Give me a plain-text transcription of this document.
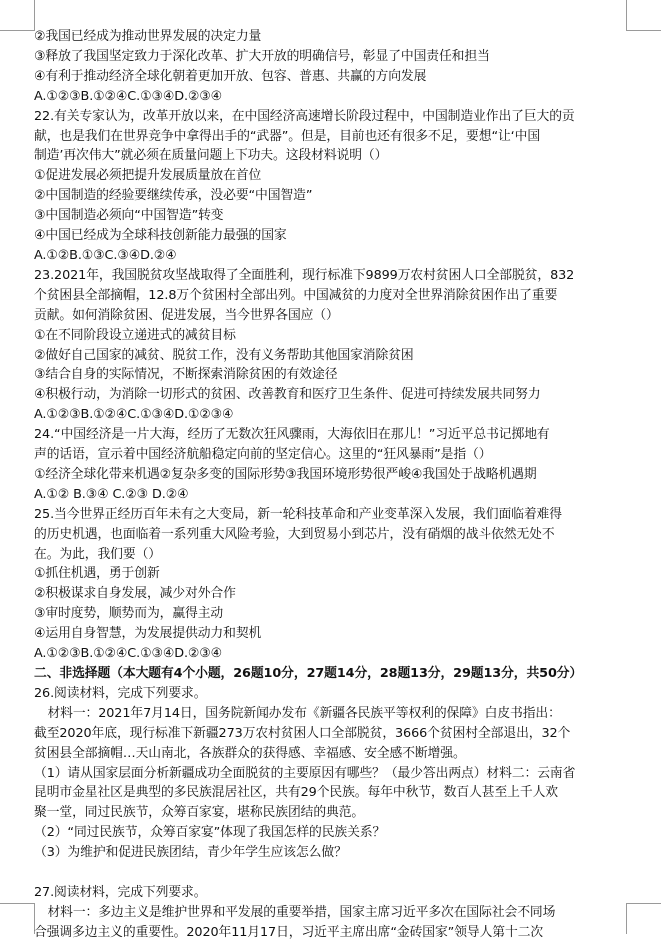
②我国已经成为推动世界发展的决定力量
③释放了我国坚定致力于深化改革、扩大开放的明确信号，彰显了中国责任和担当
④有利于推动经济全球化朝着更加开放、包容、普惠、共赢的方向发展
A.①②③B.①②④C.①③④D.②③④
22.有关专家认为，改革开放以来，在中国经济高速增长阶段过程中，中国制造业作出了巨大的贡
献，也是我们在世界竞争中拿得出手的“武器”。但是，目前也还有很多不足，要想“让‘中国
制造’再次伟大”就必须在质量问题上下功夫。这段材料说明（）
①促进发展必须把提升发展质量放在首位
②中国制造的经验要继续传承，没必要“中国智造”
③中国制造必须向“中国智造”转变
④中国已经成为全球科技创新能力最强的国家
A.①②B.①③C.③④D.②④
23.2021年，我国脱贫攻坚战取得了全面胜利，现行标准下9899万农村贫困人口全部脱贫，832
个贫困县全部摘帽，12.8万个贫困村全部出列。中国减贫的力度对全世界消除贫困作出了重要
贡献。如何消除贫困、促进发展，当今世界各国应（）
①在不同阶段设立递进式的减贫目标
②做好自己国家的减贫、脱贫工作，没有义务帮助其他国家消除贫困
③结合自身的实际情况，不断探索消除贫困的有效途径
④积极行动，为消除一切形式的贫困、改善教育和医疗卫生条件、促进可持续发展共同努力
A.①②③B.①②④C.①③④D.①②③④
24.“中国经济是一片大海，经历了无数次狂风骤雨，大海依旧在那儿！”习近平总书记掷地有
声的话语，宣示着中国经济航船稳定向前的坚定信心。这里的“狂风暴雨”是指（）
①经济全球化带来机遇②复杂多变的国际形势③我国环境形势很严峻④我国处于战略机遇期
A.①② B.③④ C.②③ D.②④
25.当今世界正经历百年未有之大变局，新一轮科技革命和产业变革深入发展，我们面临着难得
的历史机遇，也面临着一系列重大风险考验，大到贸易小到芯片，没有硝烟的战斗依然无处不
在。为此，我们要（）
①抓住机遇，勇于创新
②积极谋求自身发展，减少对外合作
③审时度势，顺势而为，赢得主动
④运用自身智慧，为发展提供动力和契机
A.①②③B.①②④C.①③④D.②③④
二、非选择题（本大题有4个小题，26题10分，27题14分，28题13分，29题13分，共50分）
26.阅读材料，完成下列要求。
材料一：2021年7月14日，国务院新闻办发布《新疆各民族平等权利的保障》白皮书指出：
截至2020年底，现行标准下新疆273万农村贫困人口全部脱贫，3666个贫困村全部退出，32个
贫困县全部摘帽…天山南北，各族群众的获得感、幸福感、安全感不断增强。
（1）请从国家层面分析新疆成功全面脱贫的主要原因有哪些？（最少答出两点）材料二：云南省
昆明市金星社区是典型的多民族混居社区，共有29个民族。每年中秋节，数百人甚至上千人欢
聚一堂，同过民族节，众筹百家宴，堪称民族团结的典范。
（2）“同过民族节，众筹百家宴”体现了我国怎样的民族关系？
（3）为维护和促进民族团结，青少年学生应该怎么做？
27.阅读材料，完成下列要求。
材料一：多边主义是维护世界和平发展的重要举措，国家主席习近平多次在国际社会不同场
合强调多边主义的重要性。2020年11月17日，习近平主席出席“金砖国家”领导人第十二次
